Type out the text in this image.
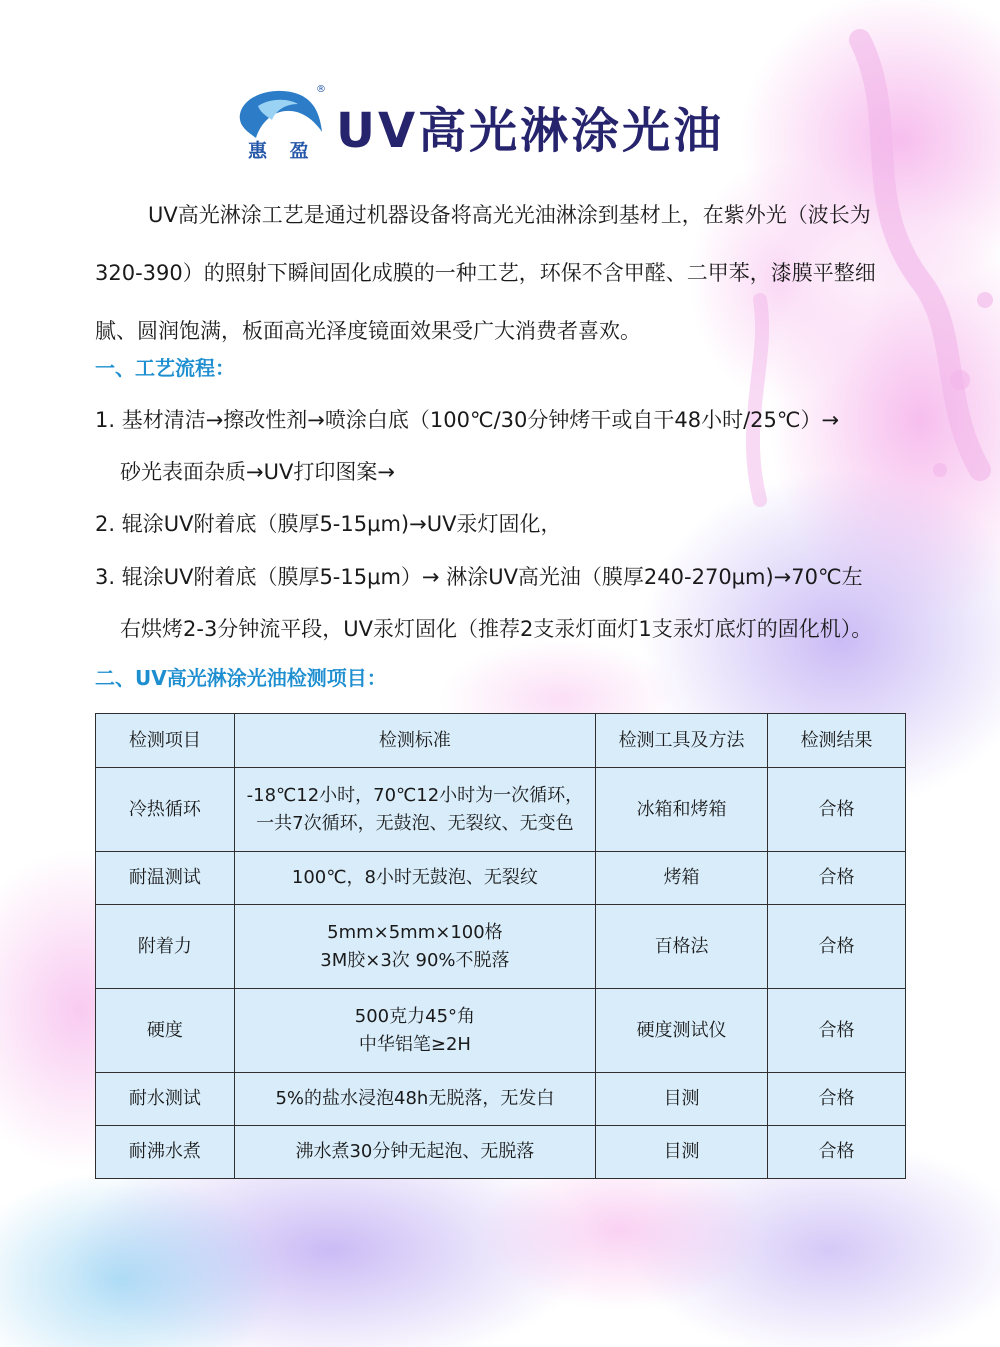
®
惠 盈 UV高光淋涂光油
UV高光淋涂工艺是通过机器设备将高光光油淋涂到基材上，在紫外光（波长为320-390）的照射下瞬间固化成膜的一种工艺，环保不含甲醛、二甲苯，漆膜平整细腻、圆润饱满，板面高光泽度镜面效果受广大消费者喜欢。
一、工艺流程：
1. 基材清洁→擦改性剂→喷涂白底（100℃/30分钟烤干或自干48小时/25℃）→
砂光表面杂质→UV打印图案→
2. 辊涂UV附着底（膜厚5-15μm)→UV汞灯固化，
3. 辊涂UV附着底（膜厚5-15μm）→ 淋涂UV高光油（膜厚240-270μm)→70℃左
右烘烤2-3分钟流平段，UV汞灯固化（推荐2支汞灯面灯1支汞灯底灯的固化机）。
二、UV高光淋涂光油检测项目：
检测项目	检测标准	检测工具及方法	检测结果
冷热循环	-18℃12小时，70℃12小时为一次循环，
一共7次循环，无鼓泡、无裂纹、无变色	冰箱和烤箱	合格
耐温测试	100℃，8小时无鼓泡、无裂纹	烤箱	合格
附着力	5mm×5mm×100格
3M胶×3次 90%不脱落	百格法	合格
硬度	500克力45°角
中华铝笔≥2H	硬度测试仪	合格
耐水测试	5%的盐水浸泡48h无脱落，无发白	目测	合格
耐沸水煮	沸水煮30分钟无起泡、无脱落	目测	合格
